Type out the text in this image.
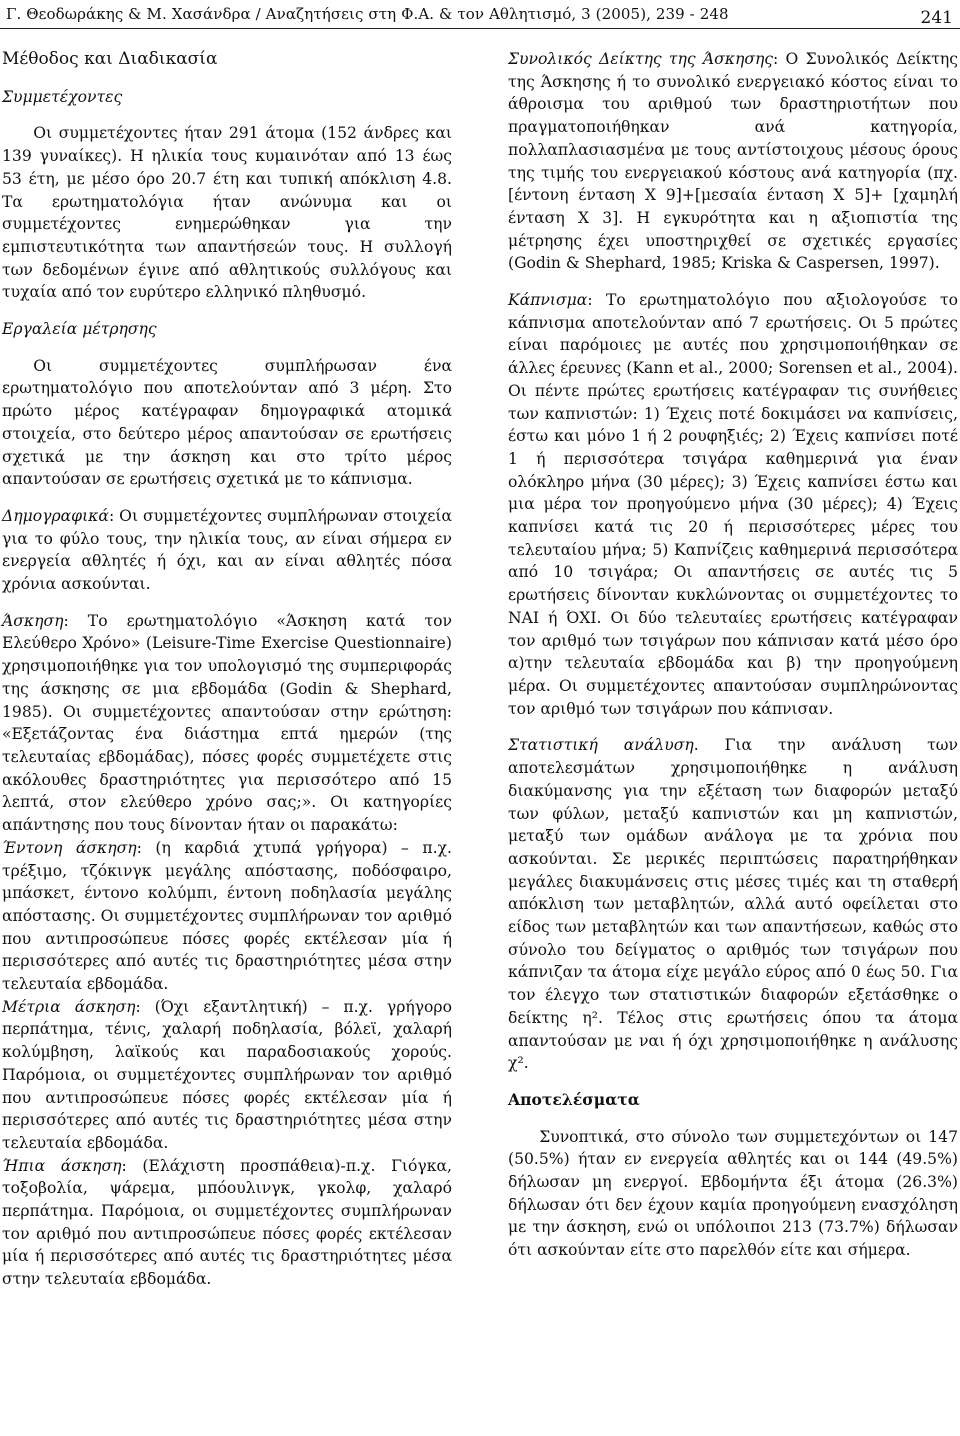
Γ. Θεοδωράκης & Μ. Χασάνδρα / Αναζητήσεις στη Φ.Α. & τον Αθλητισμό, 3 (2005), 239 - 248	241
Μέθοδος και Διαδικασία
Συμμετέχοντες

Οι συμμετέχοντες ήταν 291 άτομα (152 άνδρες και 139 γυναίκες). Η ηλικία τους κυμαινόταν από 13 έως 53 έτη, με μέσο όρο 20.7 έτη και τυπική απόκλιση 4.8. Τα ερωτηματολόγια ήταν ανώνυμα και οι συμμετέχοντες ενημερώθηκαν για την εμπιστευτικότητα των απαντήσεών τους. Η συλλογή των δεδομένων έγινε από αθλητικούς συλλόγους και τυχαία από τον ευρύτερο ελληνικό πληθυσμό.

Εργαλεία μέτρησης

Οι συμμετέχοντες συμπλήρωσαν ένα ερωτηματολόγιο που αποτελούνταν από 3 μέρη. Στο πρώτο μέρος κατέγραφαν δημογραφικά ατομικά στοιχεία, στο δεύτερο μέρος απαντούσαν σε ερωτήσεις σχετικά με την άσκηση και στο τρίτο μέρος απαντούσαν σε ερωτήσεις σχετικά με το κάπνισμα.

Δημογραφικά: Οι συμμετέχοντες συμπλήρωναν στοιχεία για το φύλο τους, την ηλικία τους, αν είναι σήμερα εν ενεργεία αθλητές ή όχι, και αν είναι αθλητές πόσα χρόνια ασκούνται.

Άσκηση: Το ερωτηματολόγιο «Άσκηση κατά τον Ελεύθερο Χρόνο» (Leisure-Time Exercise Questionnaire) χρησιμοποιήθηκε για τον υπολογισμό της συμπεριφοράς της άσκησης σε μια εβδομάδα (Godin & Shephard, 1985). Οι συμμετέχοντες απαντούσαν στην ερώτηση: «Εξετάζοντας ένα διάστημα επτά ημερών (της τελευταίας εβδομάδας), πόσες φορές συμμετέχετε στις ακόλουθες δραστηριότητες για περισσότερο από 15 λεπτά, στον ελεύθερο χρόνο σας;». Οι κατηγορίες απάντησης που τους δίνονταν ήταν οι παρακάτω:

Έντονη άσκηση: (η καρδιά χτυπά γρήγορα) – π.χ. τρέξιμο, τζόκινγκ μεγάλης απόστασης, ποδόσφαιρο, μπάσκετ, έντονο κολύμπι, έντονη ποδηλασία μεγάλης απόστασης. Οι συμμετέχοντες συμπλήρωναν τον αριθμό που αντιπροσώπευε πόσες φορές εκτέλεσαν μία ή περισσότερες από αυτές τις δραστηριότητες μέσα στην τελευταία εβδομάδα.

Μέτρια άσκηση: (Όχι εξαντλητική) – π.χ. γρήγορο περπάτημα, τένις, χαλαρή ποδηλασία, βόλεϊ, χαλαρή κολύμβηση, λαϊκούς και παραδοσιακούς χορούς. Παρόμοια, οι συμμετέχοντες συμπλήρωναν τον αριθμό που αντιπροσώπευε πόσες φορές εκτέλεσαν μία ή περισσότερες από αυτές τις δραστηριότητες μέσα στην τελευταία εβδομάδα.

Ήπια άσκηση: (Ελάχιστη προσπάθεια)-π.χ. Γιόγκα, τοξοβολία, ψάρεμα, μπόουλινγκ, γκολφ, χαλαρό περπάτημα. Παρόμοια, οι συμμετέχοντες συμπλήρωναν τον αριθμό που αντιπροσώπευε πόσες φορές εκτέλεσαν μία ή περισσότερες από αυτές τις δραστηριότητες μέσα στην τελευταία εβδομάδα.

Συνολικός Δείκτης της Άσκησης: Ο Συνολικός Δείκτης της Άσκησης ή το συνολικό ενεργειακό κόστος είναι το άθροισμα του αριθμού των δραστηριοτήτων που πραγματοποιήθηκαν ανά κατηγορία, πολλαπλασιασμένα με τους αντίστοιχους μέσους όρους της τιμής του ενεργειακού κόστους ανά κατηγορία (πχ. [έντονη ένταση X 9]+[μεσαία ένταση X 5]+ [χαμηλή ένταση X 3]. Η εγκυρότητα και η αξιοπιστία της μέτρησης έχει υποστηριχθεί σε σχετικές εργασίες (Godin & Shephard, 1985; Kriska & Caspersen, 1997).

Κάπνισμα: Το ερωτηματολόγιο που αξιολογούσε το κάπνισμα αποτελούνταν από 7 ερωτήσεις. Οι 5 πρώτες είναι παρόμοιες με αυτές που χρησιμοποιήθηκαν σε άλλες έρευνες (Kann et al., 2000; Sorensen et al., 2004). Οι πέντε πρώτες ερωτήσεις κατέγραφαν τις συνήθειες των καπνιστών: 1) Έχεις ποτέ δοκιμάσει να καπνίσεις, έστω και μόνο 1 ή 2 ρουφηξιές; 2) Έχεις καπνίσει ποτέ 1 ή περισσότερα τσιγάρα καθημερινά για έναν ολόκληρο μήνα (30 μέρες); 3) Έχεις καπνίσει έστω και μια μέρα τον προηγούμενο μήνα (30 μέρες); 4) Έχεις καπνίσει κατά τις 20 ή περισσότερες μέρες του τελευταίου μήνα; 5) Καπνίζεις καθημερινά περισσότερα από 10 τσιγάρα; Οι απαντήσεις σε αυτές τις 5 ερωτήσεις δίνονταν κυκλώνοντας οι συμμετέχοντες το ΝΑΙ ή ΌΧΙ. Οι δύο τελευταίες ερωτήσεις κατέγραφαν τον αριθμό των τσιγάρων που κάπνισαν κατά μέσο όρο α)την τελευταία εβδομάδα και β) την προηγούμενη μέρα. Οι συμμετέχοντες απαντούσαν συμπληρώνοντας τον αριθμό των τσιγάρων που κάπνισαν.

Στατιστική ανάλυση. Για την ανάλυση των αποτελεσμάτων χρησιμοποιήθηκε η ανάλυση διακύμανσης για την εξέταση των διαφορών μεταξύ των φύλων, μεταξύ καπνιστών και μη καπνιστών, μεταξύ των ομάδων ανάλογα με τα χρόνια που ασκούνται. Σε μερικές περιπτώσεις παρατηρήθηκαν μεγάλες διακυμάνσεις στις μέσες τιμές και τη σταθερή απόκλιση των μεταβλητών, αλλά αυτό οφείλεται στο είδος των μεταβλητών και των απαντήσεων, καθώς στο σύνολο του δείγματος ο αριθμός των τσιγάρων που κάπνιζαν τα άτομα είχε μεγάλο εύρος από 0 έως 50. Για τον έλεγχο των στατιστικών διαφορών εξετάσθηκε ο δείκτης η². Τέλος στις ερωτήσεις όπου τα άτομα απαντούσαν με ναι ή όχι χρησιμοποιήθηκε η ανάλυσης χ².

Αποτελέσματα

Συνοπτικά, στο σύνολο των συμμετεχόντων οι 147 (50.5%) ήταν εν ενεργεία αθλητές και οι 144 (49.5%) δήλωσαν μη ενεργοί. Εβδομήντα έξι άτομα (26.3%) δήλωσαν ότι δεν έχουν καμία προηγούμενη ενασχόληση με την άσκηση, ενώ οι υπόλοιποι 213 (73.7%) δήλωσαν ότι ασκούνταν είτε στο παρελθόν είτε και σήμερα.
